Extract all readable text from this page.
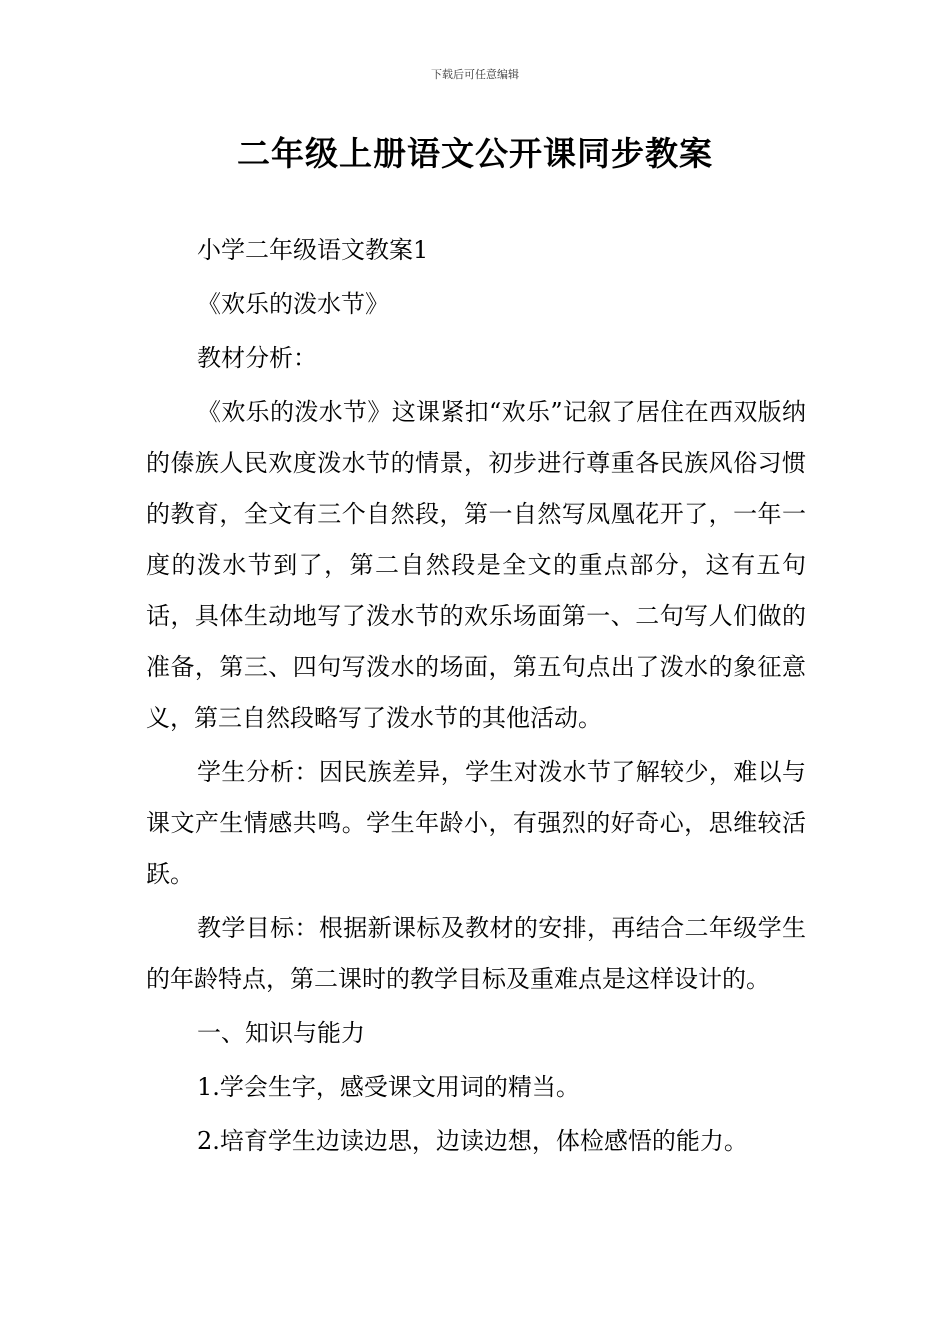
下载后可任意编辑
二年级上册语文公开课同步教案

小学二年级语文教案1

《欢乐的泼水节》

教材分析：

《欢乐的泼水节》这课紧扣“欢乐”记叙了居住在西双版纳的傣族人民欢度泼水节的情景，初步进行尊重各民族风俗习惯的教育，全文有三个自然段，第一自然写凤凰花开了，一年一度的泼水节到了，第二自然段是全文的重点部分，这有五句话，具体生动地写了泼水节的欢乐场面第一、二句写人们做的准备，第三、四句写泼水的场面，第五句点出了泼水的象征意义，第三自然段略写了泼水节的其他活动。

学生分析：因民族差异，学生对泼水节了解较少，难以与课文产生情感共鸣。学生年龄小，有强烈的好奇心，思维较活跃。

教学目标：根据新课标及教材的安排，再结合二年级学生的年龄特点，第二课时的教学目标及重难点是这样设计的。

一、知识与能力

1.学会生字，感受课文用词的精当。

2.培育学生边读边思，边读边想，体检感悟的能力。
